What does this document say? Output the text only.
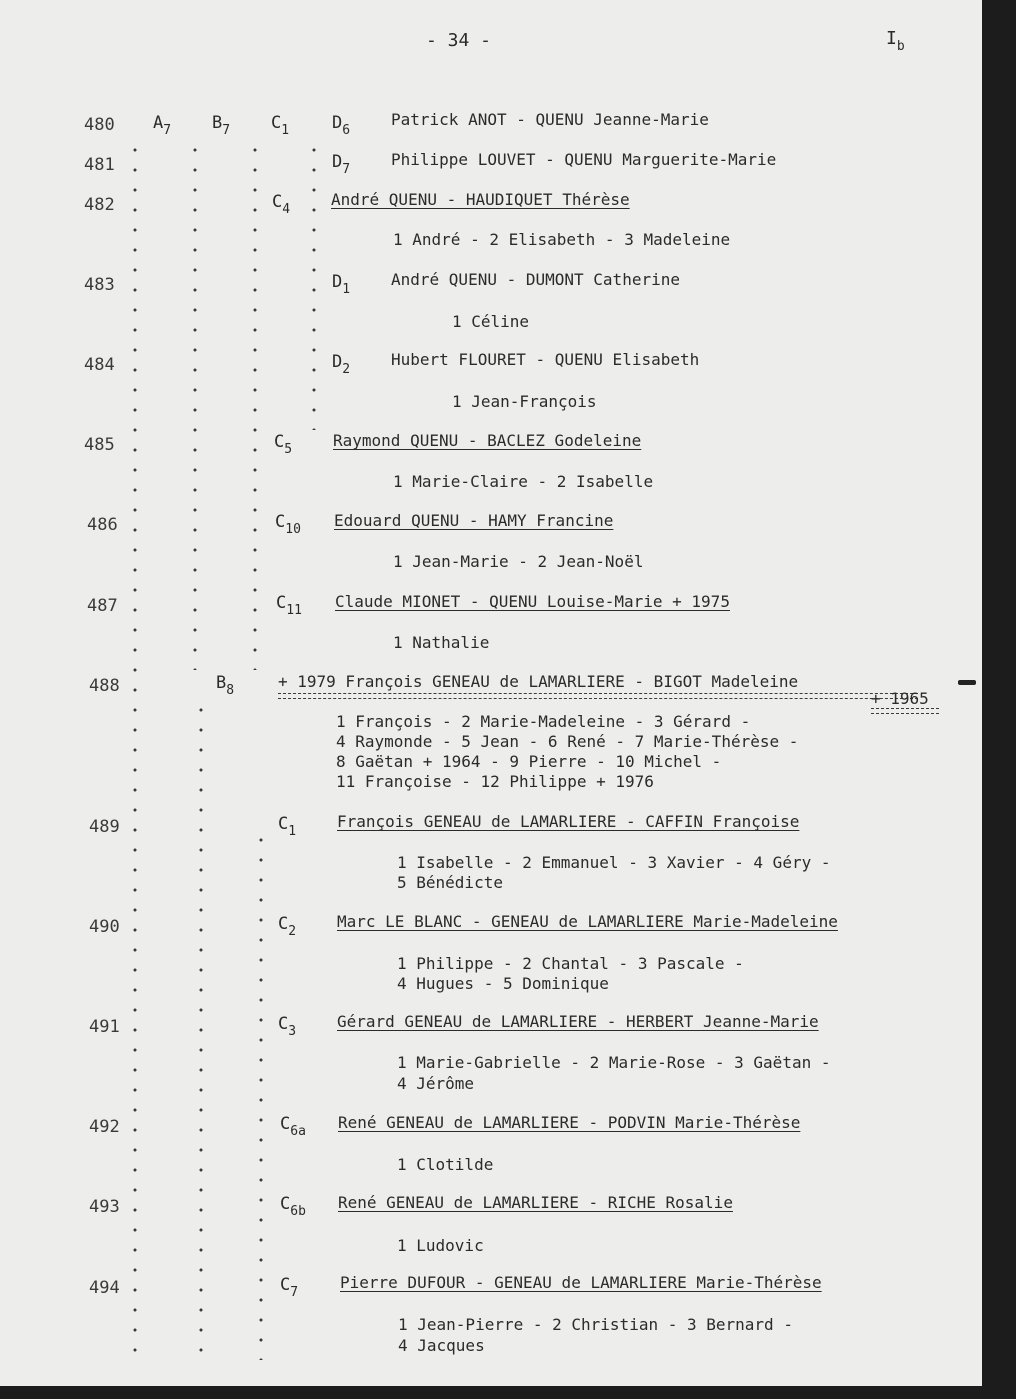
- 34 -	$I_b$
480 $A_7$ $B_7$ $C_1$	$D_6$
Patrick ANOT - QUENU Jeanne-Marie
481	$D_7$
Philippe LOUVET - QUENU Marguerite-Marie
482	$C_4$
André QUENU - HAUDIQUET Thérèse
1 André - 2 Elisabeth - 3 Madeleine
483	$D_1$
André QUENU - DUMONT Catherine
1 Céline
484	$D_2$
Hubert FLOURET - QUENU Elisabeth
1 Jean-François
485	$C_5$	Raymond QUENU - BACLEZ Godeleine
1 Marie-Claire - 2 Isabelle
486	$C_{10}$ Edouard QUENU - HAMY Francine
1 Jean-Marie - 2 Jean-Noël
487	$C_{11}$ Claude MIONET - QUENU Louise-Marie + 1975
1 Nathalie
488	$B_8$	+ 1979 François GENEAU de LAMARLIERE - BIGOT Madeleine
+ 1965
1 François - 2 Marie-Madeleine - 3 Gérard -
4 Raymonde - 5 Jean - 6 René - 7 Marie-Thérèse -
8 Gaëtan + 1964 - 9 Pierre - 10 Michel -
11 Françoise - 12 Philippe + 1976
489	$C_1$
François GENEAU de LAMARLIERE - CAFFIN Françoise
1 Isabelle - 2 Emmanuel - 3 Xavier - 4 Géry -
5 Bénédicte
490	$C_2$
Marc LE BLANC - GENEAU de LAMARLIERE Marie-Madeleine
1 Philippe - 2 Chantal - 3 Pascale -
4 Hugues - 5 Dominique
491	$C_3$
Gérard GENEAU de LAMARLIERE - HERBERT Jeanne-Marie
1 Marie-Gabrielle - 2 Marie-Rose - 3 Gaëtan -
4 Jérôme
492	$C_{6a}$ René GENEAU de LAMARLIERE - PODVIN Marie-Thérèse
1 Clotilde
493	$C_{6b}$ René GENEAU de LAMARLIERE - RICHE Rosalie
1 Ludovic
494	$C_7$
Pierre DUFOUR - GENEAU de LAMARLIERE Marie-Thérèse
1 Jean-Pierre - 2 Christian - 3 Bernard -
4 Jacques
